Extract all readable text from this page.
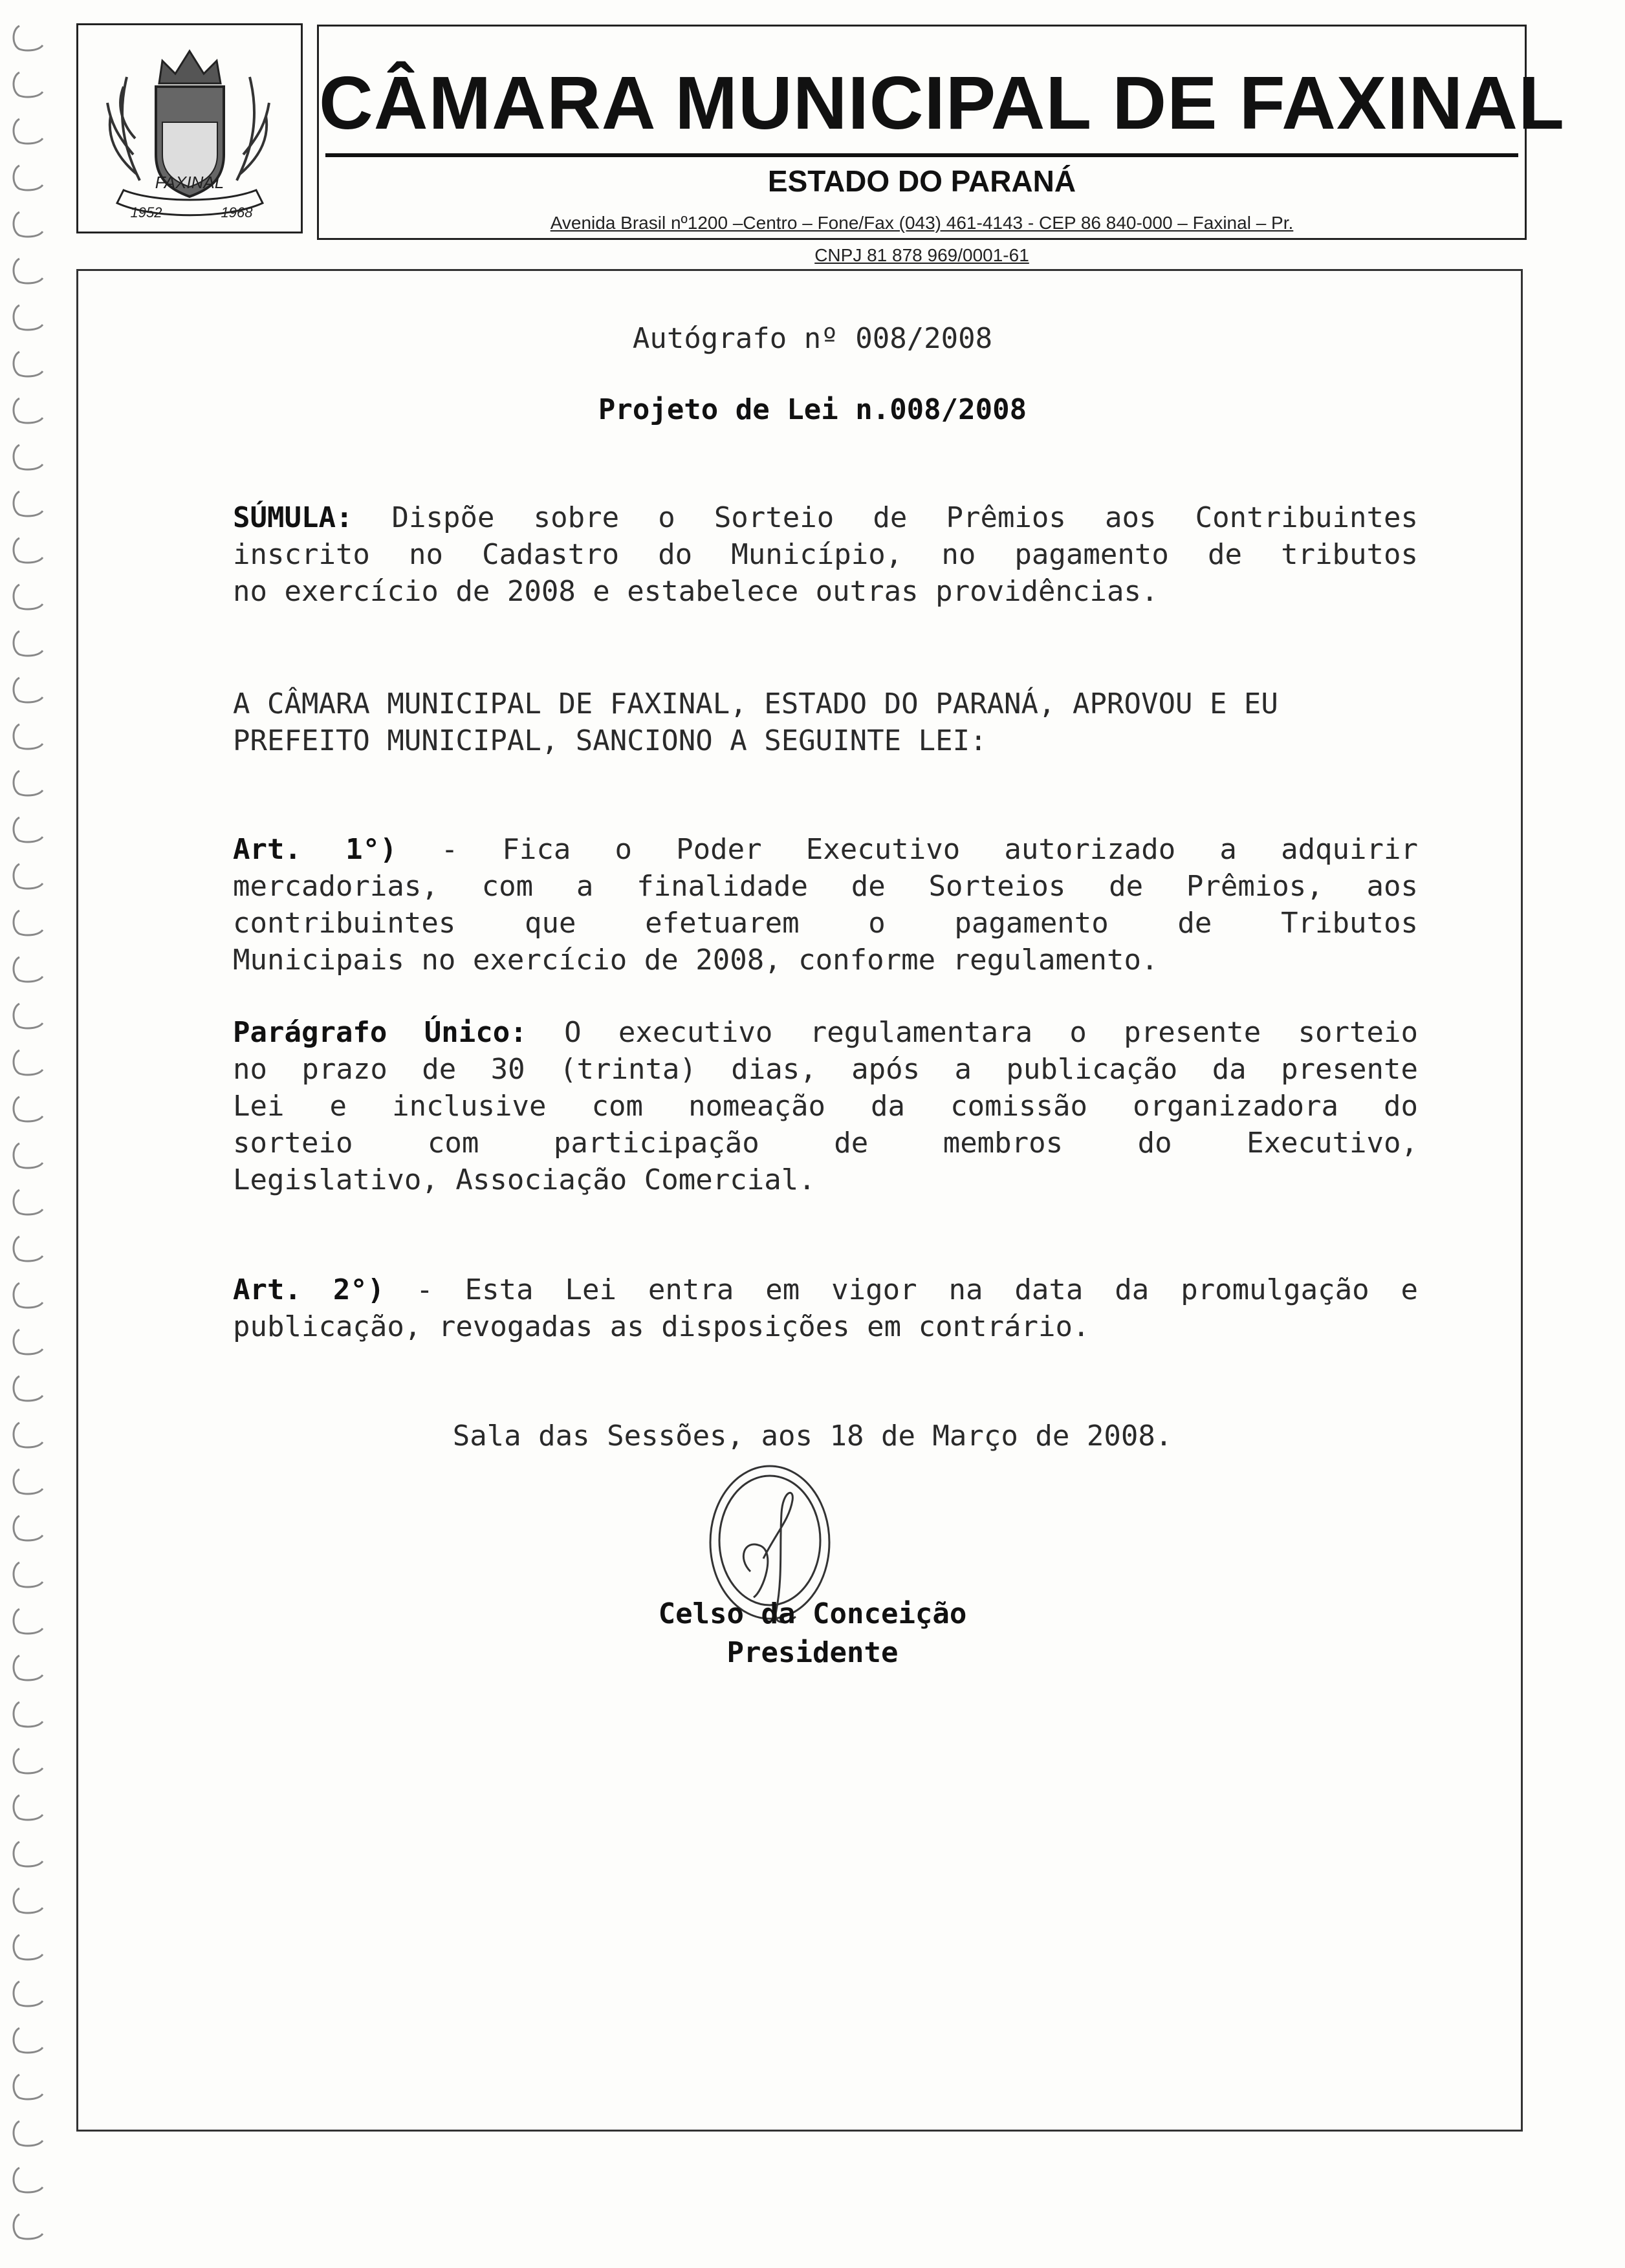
FAXINAL
1952	1968
CÂMARA MUNICIPAL DE FAXINAL
ESTADO DO PARANÁ
Avenida Brasil nº1200 –Centro – Fone/Fax (043) 461-4143 - CEP 86 840-000 – Faxinal – Pr.
CNPJ 81 878 969/0001-61
Autógrafo nº 008/2008
Projeto de Lei n.008/2008
SÚMULA: Dispõe sobre o Sorteio de Prêmios aos Contribuintes
inscrito no Cadastro do Município, no pagamento de tributos
no exercício de 2008 e estabelece outras providências.
A CÂMARA MUNICIPAL DE FAXINAL, ESTADO DO PARANÁ, APROVOU E EU
PREFEITO MUNICIPAL, SANCIONO A SEGUINTE LEI:
Art. 1°) - Fica o Poder Executivo autorizado a adquirir
mercadorias, com a finalidade de Sorteios de Prêmios, aos
contribuintes que efetuarem o pagamento de Tributos
Municipais no exercício de 2008, conforme regulamento.
Parágrafo Único: O executivo regulamentara o presente sorteio
no prazo de 30 (trinta) dias, após a publicação da presente
Lei e inclusive com nomeação da comissão organizadora do
sorteio com participação de membros do Executivo,
Legislativo, Associação Comercial.
Art. 2°) - Esta Lei entra em vigor na data da promulgação e
publicação, revogadas as disposições em contrário.
Sala das Sessões, aos 18 de Março de 2008.
Celso da Conceição
Presidente
